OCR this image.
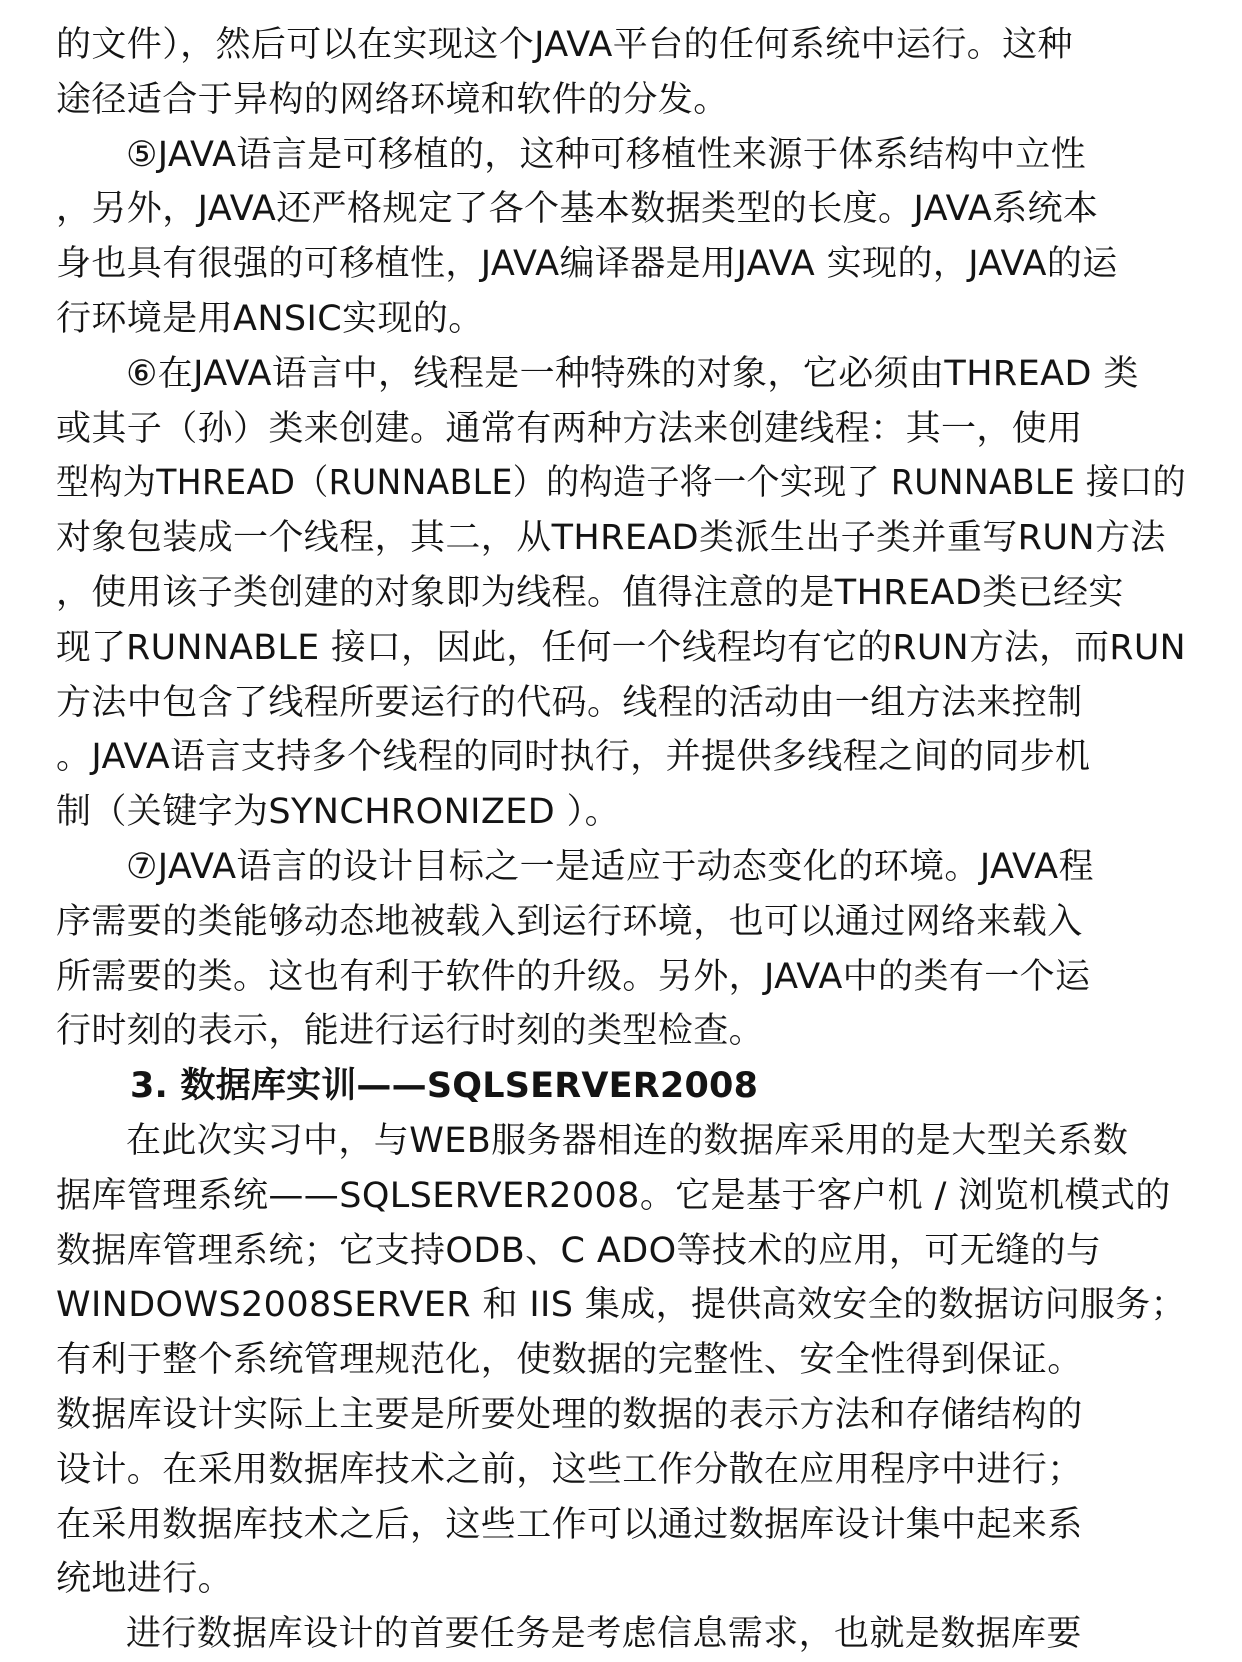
的文件），然后可以在实现这个JAVA平台的任何系统中运行。这种
途径适合于异构的网络环境和软件的分发。
⑤JAVA语言是可移植的，这种可移植性来源于体系结构中立性
，另外，JAVA还严格规定了各个基本数据类型的长度。JAVA系统本
身也具有很强的可移植性，JAVA编译器是用JAVA 实现的，JAVA的运
行环境是用ANSIC实现的。
⑥在JAVA语言中，线程是一种特殊的对象，它必须由THREAD 类
或其子（孙）类来创建。通常有两种方法来创建线程：其一，使用
型构为THREAD（RUNNABLE）的构造子将一个实现了 RUNNABLE 接口的
对象包装成一个线程，其二，从THREAD类派生出子类并重写RUN方法
，使用该子类创建的对象即为线程。值得注意的是THREAD类已经实
现了RUNNABLE 接口，因此，任何一个线程均有它的RUN方法，而RUN
方法中包含了线程所要运行的代码。线程的活动由一组方法来控制
。JAVA语言支持多个线程的同时执行，并提供多线程之间的同步机
制（关键字为SYNCHRONIZED ）。
⑦JAVA语言的设计目标之一是适应于动态变化的环境。JAVA程
序需要的类能够动态地被载入到运行环境，也可以通过网络来载入
所需要的类。这也有利于软件的升级。另外，JAVA中的类有一个运
行时刻的表示，能进行运行时刻的类型检查。
3. 数据库实训——SQLSERVER2008
在此次实习中，与WEB服务器相连的数据库采用的是大型关系数
据库管理系统——SQLSERVER2008。它是基于客户机 / 浏览机模式的
数据库管理系统；它支持ODB、C ADO等技术的应用，可无缝的与
WINDOWS2008SERVER 和 IIS 集成，提供高效安全的数据访问服务；
有利于整个系统管理规范化，使数据的完整性、安全性得到保证。
数据库设计实际上主要是所要处理的数据的表示方法和存储结构的
设计。在采用数据库技术之前，这些工作分散在应用程序中进行；
在采用数据库技术之后，这些工作可以通过数据库设计集中起来系
统地进行。
进行数据库设计的首要任务是考虑信息需求，也就是数据库要
